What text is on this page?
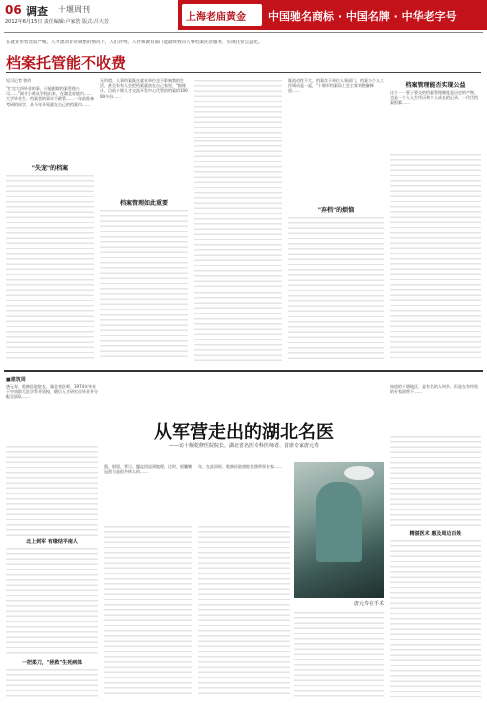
06 调查 十堰周刊
2012年6月15日 责任编辑:卢家浩 版式:吕大芳	上海老庙黄金 中国驰名商标 · 中国名牌 · 中华老字号
在就业形势比较严峻、人才流动非常频繁的情况下，人们评判、人社和教育部门能最终致向人事档案托管服务，实现托管公益化。
档案托管能不收费
见习记者 曾玲
"忙完大四毕业的事，只能跟除档案管理公司……"刚才小黄从学校出来，在湖北省境内……大学毕业生、档案类的事实不敢管……一年前准备考研的同学，从今年开始就在自己的档案内……
"失宠"的档案
无所谓，人事档案既在就业单位也不影响我的生活，甚至有有人会把档案就放在自己家里。"据统计，目前十堰人才交流开发中心代管的档案约10000多份……
档案管理如此重要
既流动性不大。档案存于单位人事部门，档案与个人工作调动是一起，"十堰市档案局工会主席刘艳解释道……
"弃档"的烦恼
档案管理能否实现公益
这个一一要子要交的档案管理制度是历史的产物，也是一个人人生经历和个人成长的记录，一代代档案积累……
■建筑周
唐元寿，乾修医院院长、湖北省医师，1974年毕业于中南职大医学系并留校，随后入才研究员毕业并分配至部队……
北上到军 有缘结平南人
一把柔刀，"拯救"生死病体
从军营走出的湖北名医
——访十堰乾修医院院长、湖北省名医专科医师者、首席专家唐元寿
唐元寿在手术
奥、胆固、背日、髓淀回谈到地理，过时，胆囊嗜冠刮与是很多病人的……
年，在此同时，乾修医院唐院长便带领专家……
知道的十堰地区，是有名的人叫乡，但是在有经验的专家团带下……
精湛医术 惠及周边百姓
